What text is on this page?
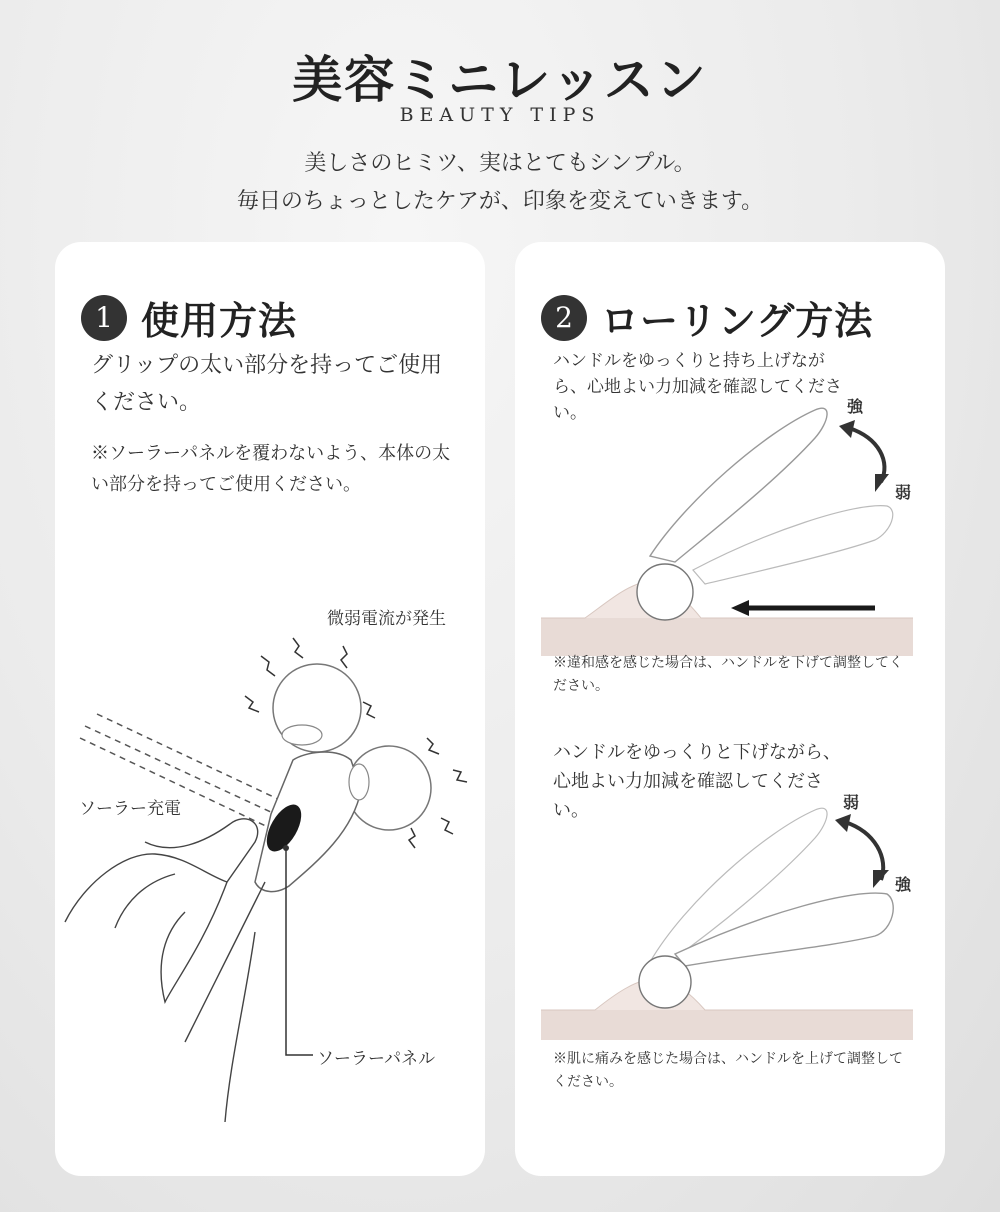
美容ミニレッスン
BEAUTY TIPS
美しさのヒミツ、実はとてもシンプル。
毎日のちょっとしたケアが、印象を変えていきます。
1 使用方法
グリップの太い部分を持ってご使用ください。
※ソーラーパネルを覆わないよう、本体の太い部分を持ってご使用ください。
微弱電流が発生
ソーラー充電
ソーラーパネル
2 ローリング方法
ハンドルをゆっくりと持ち上げながら、心地よい力加減を確認してください。	強
弱
※違和感を感じた場合は、ハンドルを下げて調整してください。
ハンドルをゆっくりと下げながら、心地よい力加減を確認してください。	弱
強
※肌に痛みを感じた場合は、ハンドルを上げて調整してください。
